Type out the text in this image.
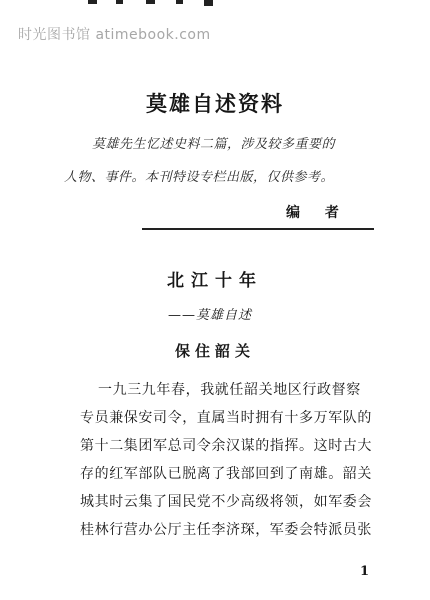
时光图书馆 atimebook.com
莫雄自述资料
莫雄先生忆述史料二篇，涉及较多重要的
人物、事件。本刊特设专栏出版，仅供参考。
编 者
北江十年
——莫雄自述
保住韶关
一九三九年春，我就任韶关地区行政督察
专员兼保安司令，直属当时拥有十多万军队的
第十二集团军总司令余汉谋的指挥。这时古大
存的红军部队已脱离了我部回到了南雄。韶关
城其时云集了国民党不少高级将领，如军委会
桂林行营办公厅主任李济琛，军委会特派员张
1
